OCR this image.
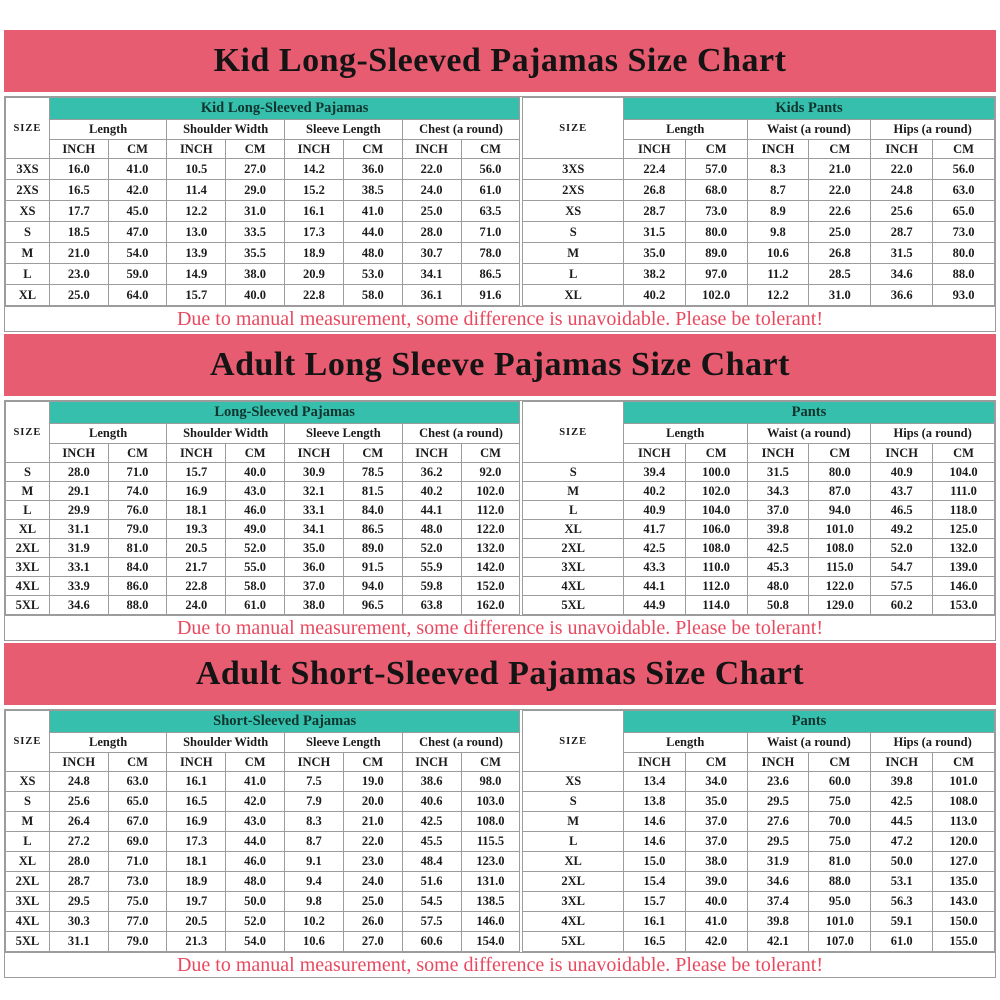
Kid Long-Sleeved Pajamas Size Chart
SIZE	Kid Long-Sleeved Pajamas							
	Length		Shoulder Width		Sleeve Length		Chest (a round)	
	INCH	CM	INCH	CM	INCH	CM	INCH	CM
3XS	16.0	41.0	10.5	27.0	14.2	36.0	22.0	56.0
2XS	16.5	42.0	11.4	29.0	15.2	38.5	24.0	61.0
XS	17.7	45.0	12.2	31.0	16.1	41.0	25.0	63.5
S	18.5	47.0	13.0	33.5	17.3	44.0	28.0	71.0
M	21.0	54.0	13.9	35.5	18.9	48.0	30.7	78.0
L	23.0	59.0	14.9	38.0	20.9	53.0	34.1	86.5
XL	25.0	64.0	15.7	40.0	22.8	58.0	36.1	91.6
SIZE	Kids Pants					
	Length		Waist (a round)		Hips (a round)	
	INCH	CM	INCH	CM	INCH	CM
3XS	22.4	57.0	8.3	21.0	22.0	56.0
2XS	26.8	68.0	8.7	22.0	24.8	63.0
XS	28.7	73.0	8.9	22.6	25.6	65.0
S	31.5	80.0	9.8	25.0	28.7	73.0
M	35.0	89.0	10.6	26.8	31.5	80.0
L	38.2	97.0	11.2	28.5	34.6	88.0
XL	40.2	102.0	12.2	31.0	36.6	93.0
Due to manual measurement, some difference is unavoidable. Please be tolerant!
Adult Long Sleeve Pajamas Size Chart
SIZE	Long-Sleeved Pajamas							
	Length		Shoulder Width		Sleeve Length		Chest (a round)	
	INCH	CM	INCH	CM	INCH	CM	INCH	CM
S	28.0	71.0	15.7	40.0	30.9	78.5	36.2	92.0
M	29.1	74.0	16.9	43.0	32.1	81.5	40.2	102.0
L	29.9	76.0	18.1	46.0	33.1	84.0	44.1	112.0
XL	31.1	79.0	19.3	49.0	34.1	86.5	48.0	122.0
2XL	31.9	81.0	20.5	52.0	35.0	89.0	52.0	132.0
3XL	33.1	84.0	21.7	55.0	36.0	91.5	55.9	142.0
4XL	33.9	86.0	22.8	58.0	37.0	94.0	59.8	152.0
5XL	34.6	88.0	24.0	61.0	38.0	96.5	63.8	162.0
SIZE	Pants					
	Length		Waist (a round)		Hips (a round)	
	INCH	CM	INCH	CM	INCH	CM
S	39.4	100.0	31.5	80.0	40.9	104.0
M	40.2	102.0	34.3	87.0	43.7	111.0
L	40.9	104.0	37.0	94.0	46.5	118.0
XL	41.7	106.0	39.8	101.0	49.2	125.0
2XL	42.5	108.0	42.5	108.0	52.0	132.0
3XL	43.3	110.0	45.3	115.0	54.7	139.0
4XL	44.1	112.0	48.0	122.0	57.5	146.0
5XL	44.9	114.0	50.8	129.0	60.2	153.0
Due to manual measurement, some difference is unavoidable. Please be tolerant!
Adult Short-Sleeved Pajamas Size Chart
SIZE	Short-Sleeved Pajamas							
	Length		Shoulder Width		Sleeve Length		Chest (a round)	
	INCH	CM	INCH	CM	INCH	CM	INCH	CM
XS	24.8	63.0	16.1	41.0	7.5	19.0	38.6	98.0
S	25.6	65.0	16.5	42.0	7.9	20.0	40.6	103.0
M	26.4	67.0	16.9	43.0	8.3	21.0	42.5	108.0
L	27.2	69.0	17.3	44.0	8.7	22.0	45.5	115.5
XL	28.0	71.0	18.1	46.0	9.1	23.0	48.4	123.0
2XL	28.7	73.0	18.9	48.0	9.4	24.0	51.6	131.0
3XL	29.5	75.0	19.7	50.0	9.8	25.0	54.5	138.5
4XL	30.3	77.0	20.5	52.0	10.2	26.0	57.5	146.0
5XL	31.1	79.0	21.3	54.0	10.6	27.0	60.6	154.0
SIZE	Pants					
	Length		Waist (a round)		Hips (a round)	
	INCH	CM	INCH	CM	INCH	CM
XS	13.4	34.0	23.6	60.0	39.8	101.0
S	13.8	35.0	29.5	75.0	42.5	108.0
M	14.6	37.0	27.6	70.0	44.5	113.0
L	14.6	37.0	29.5	75.0	47.2	120.0
XL	15.0	38.0	31.9	81.0	50.0	127.0
2XL	15.4	39.0	34.6	88.0	53.1	135.0
3XL	15.7	40.0	37.4	95.0	56.3	143.0
4XL	16.1	41.0	39.8	101.0	59.1	150.0
5XL	16.5	42.0	42.1	107.0	61.0	155.0
Due to manual measurement, some difference is unavoidable. Please be tolerant!
